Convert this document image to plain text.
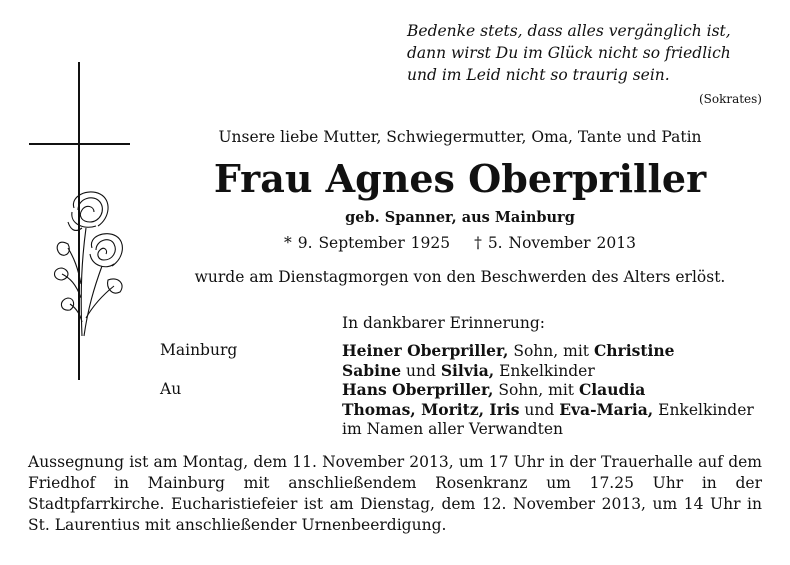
Bedenke stets, dass alles vergänglich ist,
dann wirst Du im Glück nicht so friedlich
und im Leid nicht so traurig sein.
(Sokrates)
Unsere liebe Mutter, Schwiegermutter, Oma, Tante und Patin
Frau Agnes Oberpriller
geb. Spanner, aus Mainburg
* 9. September 1925 † 5. November 2013
wurde am Dienstagmorgen von den Beschwerden des Alters erlöst.
In dankbarer Erinnerung:
Mainburg	Heiner Oberpriller, Sohn, mit Christine
Sabine und Silvia, Enkelkinder
Au	Hans Oberpriller, Sohn, mit Claudia
Thomas, Moritz, Iris und Eva-Maria, Enkelkinder
im Namen aller Verwandten
Aussegnung ist am Montag, dem 11. November 2013, um 17 Uhr in der Trauerhalle auf dem Friedhof in Mainburg mit anschließendem Rosenkranz um 17.25 Uhr in der Stadtpfarrkirche. Eucharistiefeier ist am Dienstag, dem 12. November 2013, um 14 Uhr in St. Laurentius mit anschließender Urnenbeerdigung.
